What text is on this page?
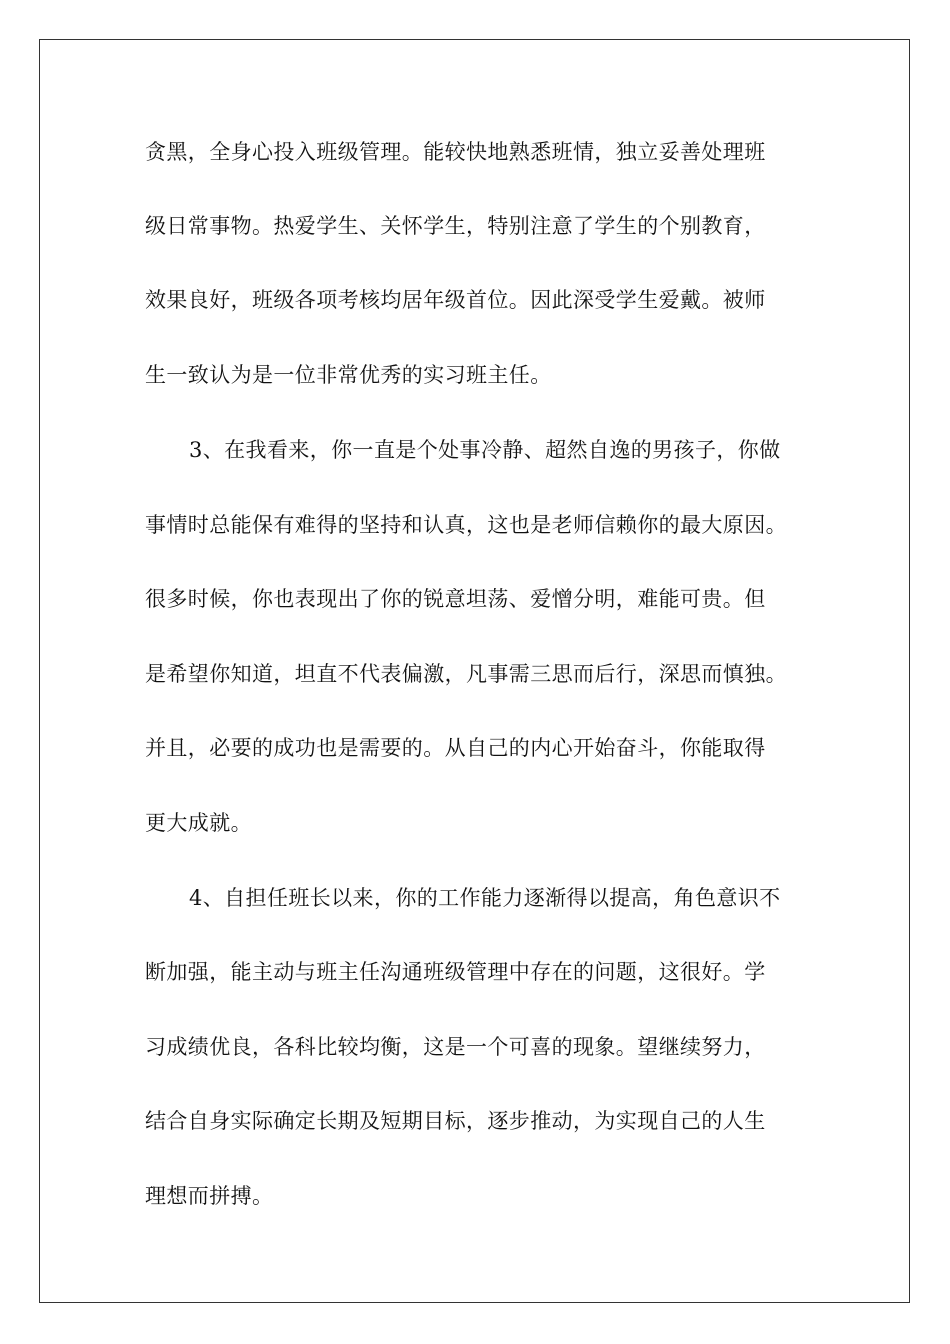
贪黑，全身心投入班级管理。能较快地熟悉班情，独立妥善处理班
级日常事物。热爱学生、关怀学生，特别注意了学生的个别教育，
效果良好，班级各项考核均居年级首位。因此深受学生爱戴。被师
生一致认为是一位非常优秀的实习班主任。
3、在我看来，你一直是个处事冷静、超然自逸的男孩子，你做
事情时总能保有难得的坚持和认真，这也是老师信赖你的最大原因。
很多时候，你也表现出了你的锐意坦荡、爱憎分明，难能可贵。但
是希望你知道，坦直不代表偏激，凡事需三思而后行，深思而慎独。
并且，必要的成功也是需要的。从自己的内心开始奋斗，你能取得
更大成就。
4、自担任班长以来，你的工作能力逐渐得以提高，角色意识不
断加强，能主动与班主任沟通班级管理中存在的问题，这很好。学
习成绩优良，各科比较均衡，这是一个可喜的现象。望继续努力，
结合自身实际确定长期及短期目标，逐步推动，为实现自己的人生
理想而拼搏。
